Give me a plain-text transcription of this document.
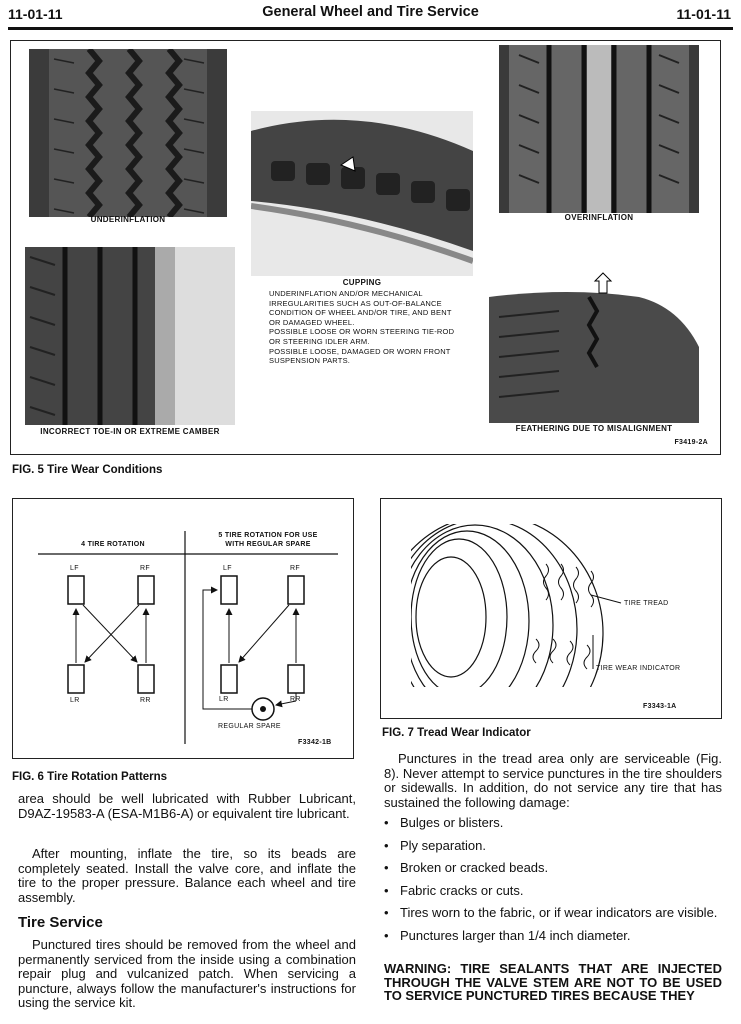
11-01-11	General Wheel and Tire Service	11-01-11
UNDERINFLATION
CUPPING
UNDERINFLATION AND/OR MECHANICAL
IRREGULARITIES SUCH AS OUT-OF-BALANCE
CONDITION OF WHEEL AND/OR TIRE, AND BENT
OR DAMAGED WHEEL.
POSSIBLE LOOSE OR WORN STEERING TIE-ROD
OR STEERING IDLER ARM.
POSSIBLE LOOSE, DAMAGED OR WORN FRONT
SUSPENSION PARTS.
OVERINFLATION
INCORRECT TOE-IN OR EXTREME CAMBER	FEATHERING DUE TO MISALIGNMENT
F3419-2A
FIG. 5 Tire Wear Conditions
4 TIRE ROTATION
5 TIRE ROTATION FOR USE
WITH REGULAR SPARE
LF	RF
LR	RR
LF	RF
LR	RR
REGULAR SPARE
F3342-1B
FIG. 6 Tire Rotation Patterns
TIRE TREAD
TIRE WEAR INDICATOR
F3343-1A
FIG. 7 Tread Wear Indicator
area should be well lubricated with Rubber Lubricant, D9AZ-19583-A (ESA-M1B6-A) or equivalent tire lubricant.
After mounting, inflate the tire, so its beads are completely seated. Install the valve core, and inflate the tire to the proper pressure. Balance each wheel and tire assembly.
Tire Service
Punctured tires should be removed from the wheel and permanently serviced from the inside using a combination repair plug and vulcanized patch. When servicing a puncture, always follow the manufacturer's instructions for using the service kit.
Punctures in the tread area only are serviceable (Fig. 8). Never attempt to service punctures in the tire shoulders or sidewalls. In addition, do not service any tire that has sustained the following damage:
• Bulges or blisters.
• Ply separation.
• Broken or cracked beads.
• Fabric cracks or cuts.
• Tires worn to the fabric, or if wear indicators are visible.
• Punctures larger than 1/4 inch diameter.
WARNING: TIRE SEALANTS THAT ARE INJECTED THROUGH THE VALVE STEM ARE NOT TO BE USED TO SERVICE PUNCTURED TIRES BECAUSE THEY
